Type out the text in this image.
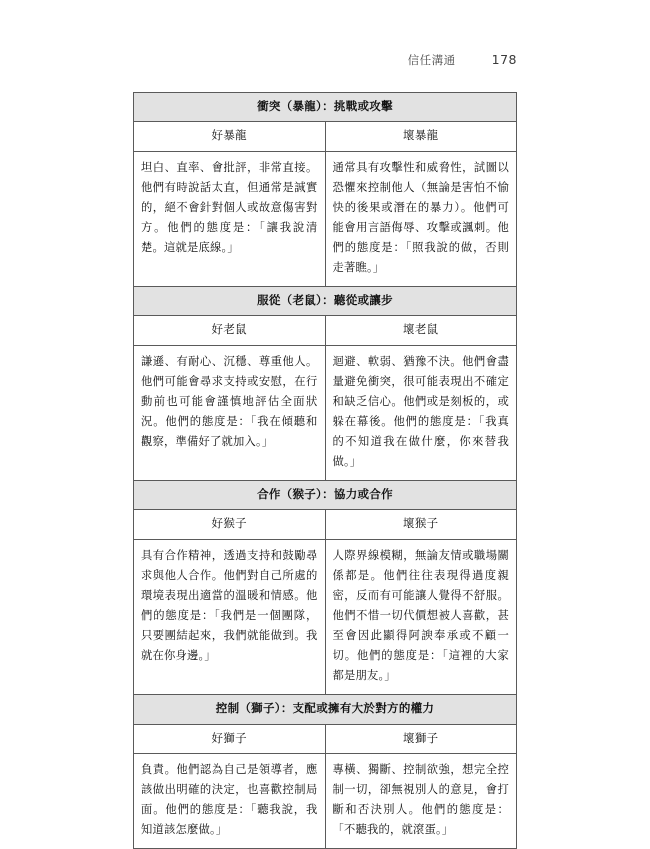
信任溝通	178
衝突（暴龍）：挑戰或攻擊	
好暴龍	壞暴龍
坦白、直率、會批評，非常直接。他們有時說話太直，但通常是誠實的，絕不會針對個人或故意傷害對方。他們的態度是：「讓我說清楚。這就是底線。」	通常具有攻擊性和威脅性，試圖以恐懼來控制他人（無論是害怕不愉快的後果或潛在的暴力）。他們可能會用言語侮辱、攻擊或諷刺。他們的態度是：「照我說的做，否則走著瞧。」
服從（老鼠）：聽從或讓步	
好老鼠	壞老鼠
謙遜、有耐心、沉穩、尊重他人。他們可能會尋求支持或安慰，在行動前也可能會謹慎地評估全面狀況。他們的態度是：「我在傾聽和觀察，準備好了就加入。」	迴避、軟弱、猶豫不決。他們會盡量避免衝突，很可能表現出不確定和缺乏信心。他們或是刻板的，或躲在幕後。他們的態度是：「我真的不知道我在做什麼，你來替我做。」
合作（猴子）：協力或合作	
好猴子	壞猴子
具有合作精神，透過支持和鼓勵尋求與他人合作。他們對自己所處的環境表現出適當的溫暖和情感。他們的態度是：「我們是一個團隊，只要團結起來，我們就能做到。我就在你身邊。」	人際界線模糊，無論友情或職場關係都是。他們往往表現得過度親密，反而有可能讓人覺得不舒服。他們不惜一切代價想被人喜歡，甚至會因此顯得阿諛奉承或不顧一切。他們的態度是：「這裡的大家都是朋友。」
控制（獅子）：支配或擁有大於對方的權力	
好獅子	壞獅子
負責。他們認為自己是領導者，應該做出明確的決定，也喜歡控制局面。他們的態度是：「聽我說，我知道該怎麼做。」	專橫、獨斷、控制欲強，想完全控制一切，卻無視別人的意見，會打斷和否決別人。他們的態度是：「不聽我的，就滾蛋。」
